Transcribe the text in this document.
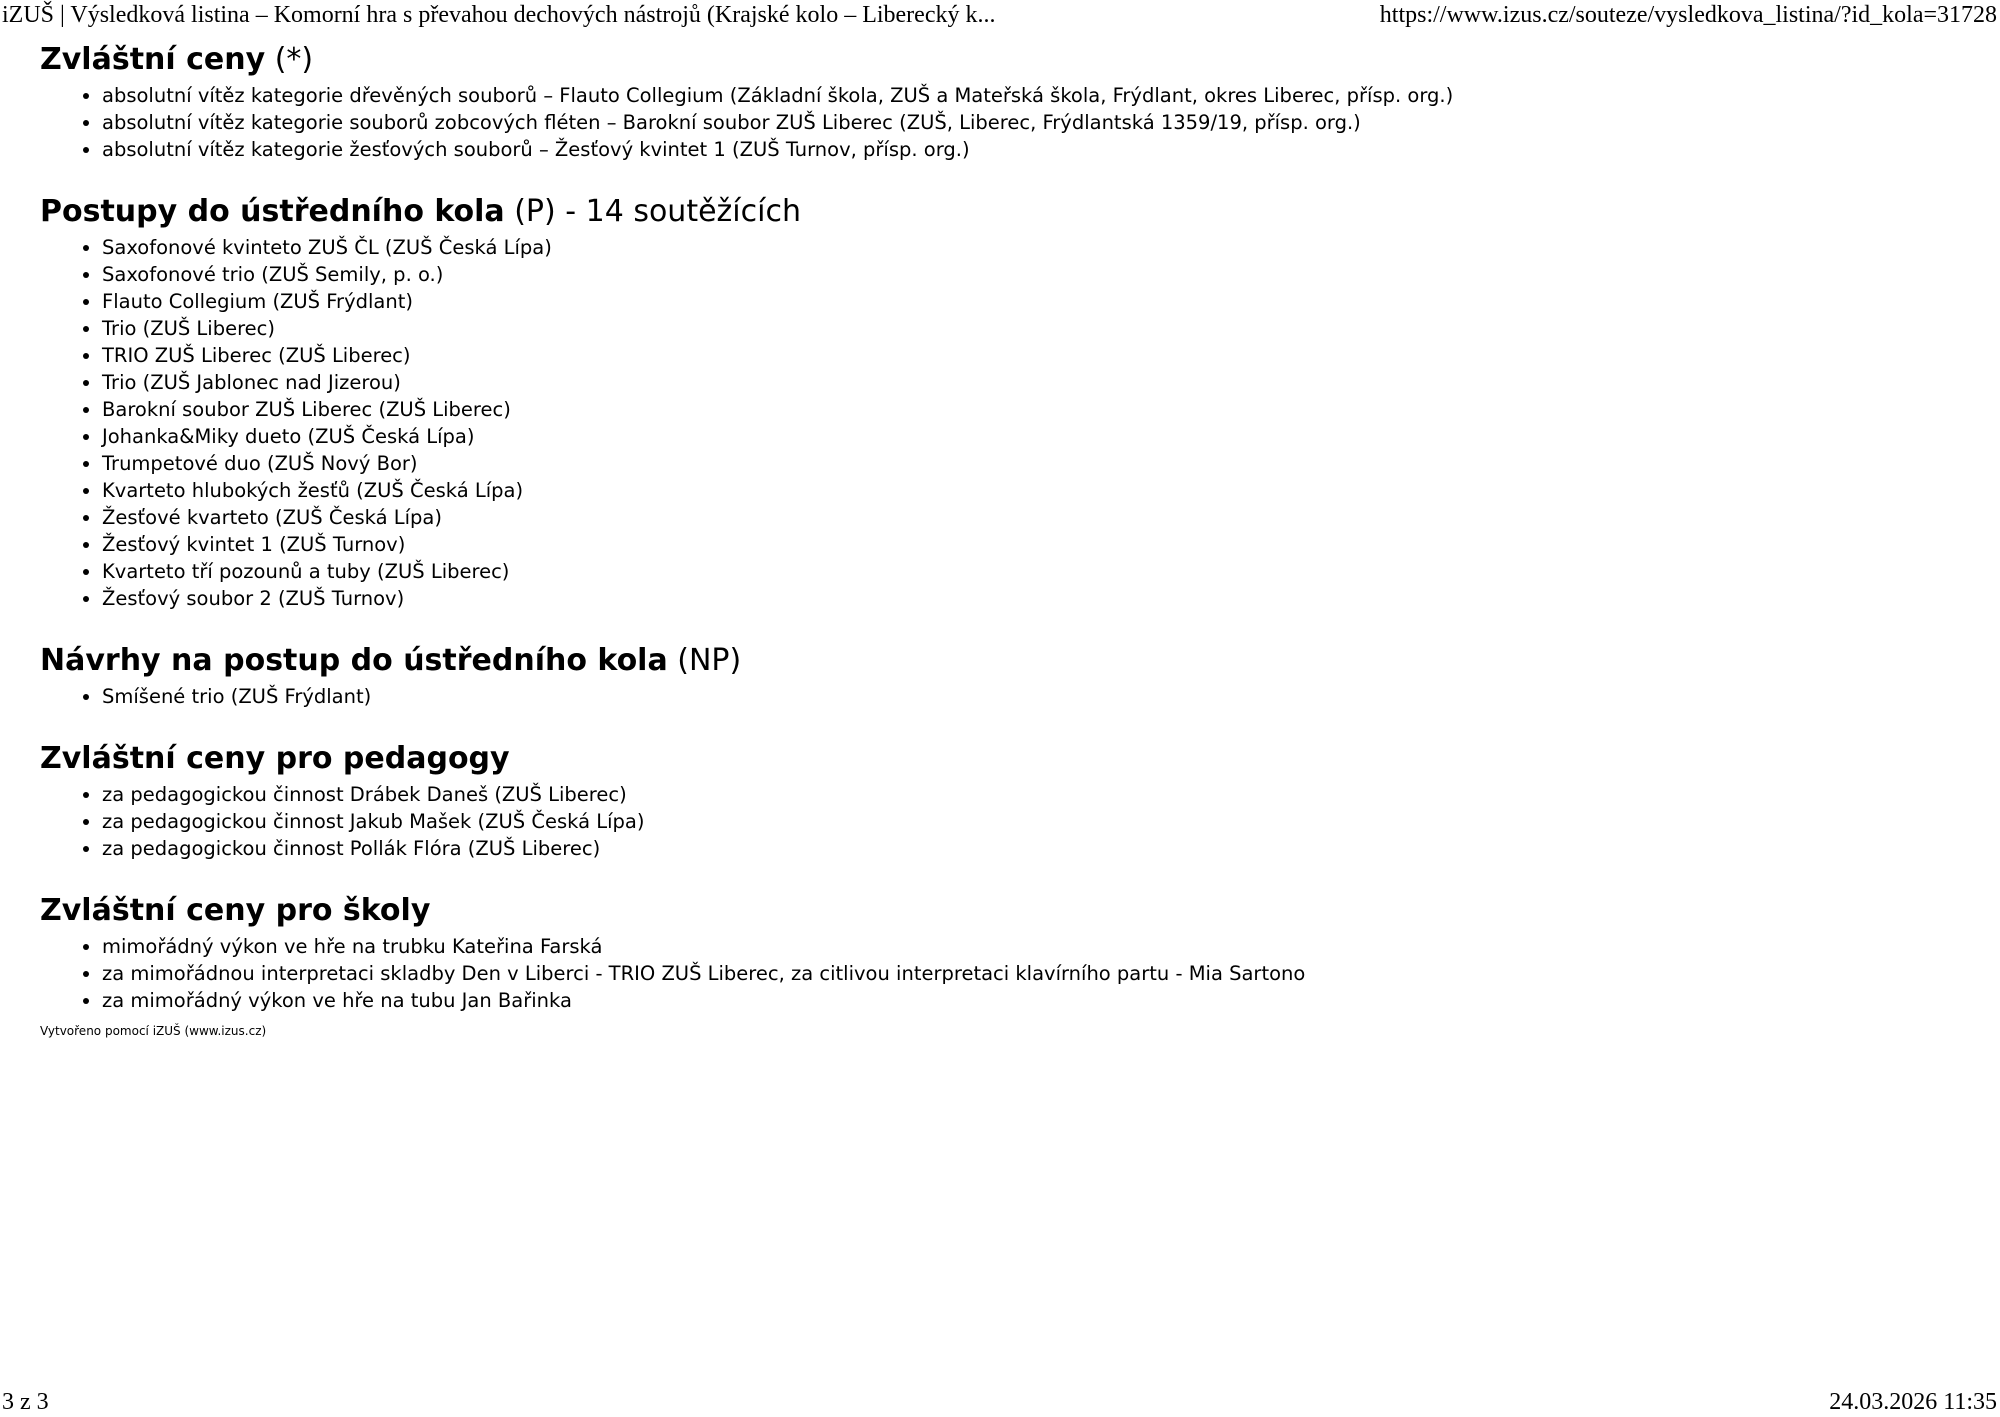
iZUŠ | Výsledková listina – Komorní hra s převahou dechových nástrojů (Krajské kolo – Liberecký k...	https://www.izus.cz/souteze/vysledkova_listina/?id_kola=31728
Zvláštní ceny (*)
• absolutní vítěz kategorie dřevěných souborů – Flauto Collegium (Základní škola, ZUŠ a Mateřská škola, Frýdlant, okres Liberec, přísp. org.)
• absolutní vítěz kategorie souborů zobcových fléten – Barokní soubor ZUŠ Liberec (ZUŠ, Liberec, Frýdlantská 1359/19, přísp. org.)
• absolutní vítěz kategorie žesťových souborů – Žesťový kvintet 1 (ZUŠ Turnov, přísp. org.)
Postupy do ústředního kola (P) - 14 soutěžících
• Saxofonové kvinteto ZUŠ ČL (ZUŠ Česká Lípa)
• Saxofonové trio (ZUŠ Semily, p. o.)
• Flauto Collegium (ZUŠ Frýdlant)
• Trio (ZUŠ Liberec)
• TRIO ZUŠ Liberec (ZUŠ Liberec)
• Trio (ZUŠ Jablonec nad Jizerou)
• Barokní soubor ZUŠ Liberec (ZUŠ Liberec)
• Johanka&Miky dueto (ZUŠ Česká Lípa)
• Trumpetové duo (ZUŠ Nový Bor)
• Kvarteto hlubokých žesťů (ZUŠ Česká Lípa)
• Žesťové kvarteto (ZUŠ Česká Lípa)
• Žesťový kvintet 1 (ZUŠ Turnov)
• Kvarteto tří pozounů a tuby (ZUŠ Liberec)
• Žesťový soubor 2 (ZUŠ Turnov)
Návrhy na postup do ústředního kola (NP)
• Smíšené trio (ZUŠ Frýdlant)
Zvláštní ceny pro pedagogy
• za pedagogickou činnost Drábek Daneš (ZUŠ Liberec)
• za pedagogickou činnost Jakub Mašek (ZUŠ Česká Lípa)
• za pedagogickou činnost Pollák Flóra (ZUŠ Liberec)
Zvláštní ceny pro školy
• mimořádný výkon ve hře na trubku Kateřina Farská
• za mimořádnou interpretaci skladby Den v Liberci - TRIO ZUŠ Liberec, za citlivou interpretaci klavírního partu - Mia Sartono
• za mimořádný výkon ve hře na tubu Jan Bařinka
Vytvořeno pomocí iZUŠ (www.izus.cz)
3 z 3	24.03.2026 11:35
